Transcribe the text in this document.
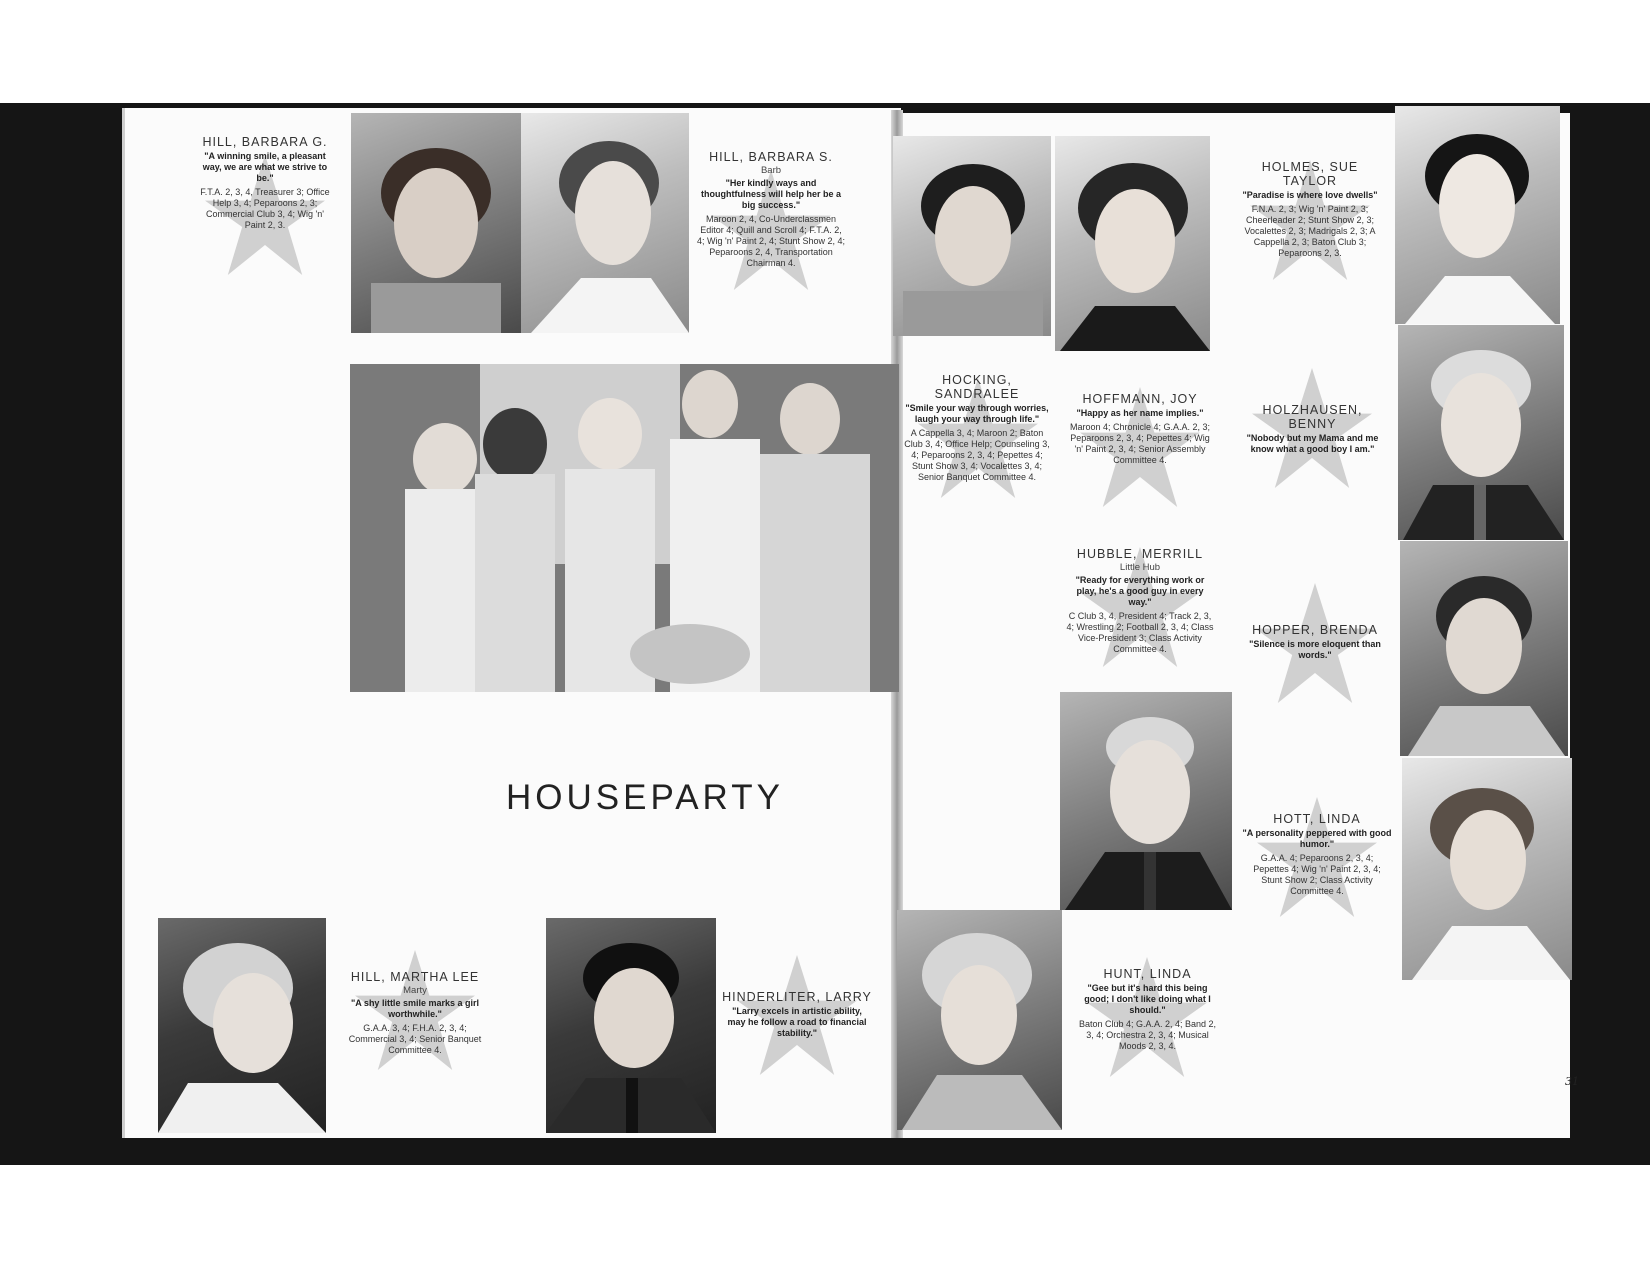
HILL, BARBARA G.
"A winning smile, a pleasant way, we are what we strive to be."
F.T.A. 2, 3, 4, Treasurer 3; Office Help 3, 4; Peparoons 2, 3; Commercial Club 3, 4; Wig 'n' Paint 2, 3.
HILL, BARBARA S.
Barb
"Her kindly ways and thoughtfulness will help her be a big success."
Maroon 2, 4, Co-Underclassmen Editor 4; Quill and Scroll 4; F.T.A. 2, 4; Wig 'n' Paint 2, 4; Stunt Show 2, 4; Peparoons 2, 4, Transportation Chairman 4.
HOLMES, SUE TAYLOR
"Paradise is where love dwells"
F.N.A. 2, 3; Wig 'n' Paint 2, 3; Cheerleader 2; Stunt Show 2, 3; Vocalettes 2, 3; Madrigals 2, 3; A Cappella 2, 3; Baton Club 3; Peparoons 2, 3.
HOCKING, SANDRALEE
"Smile your way through worries, laugh your way through life."
A Cappella 3, 4; Maroon 2; Baton Club 3, 4; Office Help; Counseling 3, 4; Peparoons 2, 3, 4; Pepettes 4; Stunt Show 3, 4; Vocalettes 3, 4; Senior Banquet Committee 4.
HOFFMANN, JOY
"Happy as her name implies."
Maroon 4; Chronicle 4; G.A.A. 2, 3; Peparoons 2, 3, 4; Pepettes 4; Wig 'n' Paint 2, 3, 4; Senior Assembly Committee 4.
HOLZHAUSEN, BENNY
"Nobody but my Mama and me know what a good boy I am."
HUBBLE, MERRILL
Little Hub
"Ready for everything work or play, he's a good guy in every way."
C Club 3, 4, President 4; Track 2, 3, 4; Wrestling 2; Football 2, 3, 4; Class Vice-President 3; Class Activity Committee 4.
HOPPER, BRENDA
"Silence is more eloquent than words."
HOTT, LINDA
"A personality peppered with good humor."
G.A.A. 4; Peparoons 2, 3, 4; Pepettes 4; Wig 'n' Paint 2, 3, 4; Stunt Show 2; Class Activity Committee 4.
HILL, MARTHA LEE
Marty
"A shy little smile marks a girl worthwhile."
G.A.A. 3, 4; F.H.A. 2, 3, 4; Commercial 3, 4; Senior Banquet Committee 4.
HINDERLITER, LARRY
"Larry excels in artistic ability, may he follow a road to financial stability."
HUNT, LINDA
"Gee but it's hard this being good; I don't like doing what I should."
Baton Club 4; G.A.A. 2, 4; Band 2, 3, 4; Orchestra 2, 3, 4; Musical Moods 2, 3, 4.
HOUSEPARTY
31
